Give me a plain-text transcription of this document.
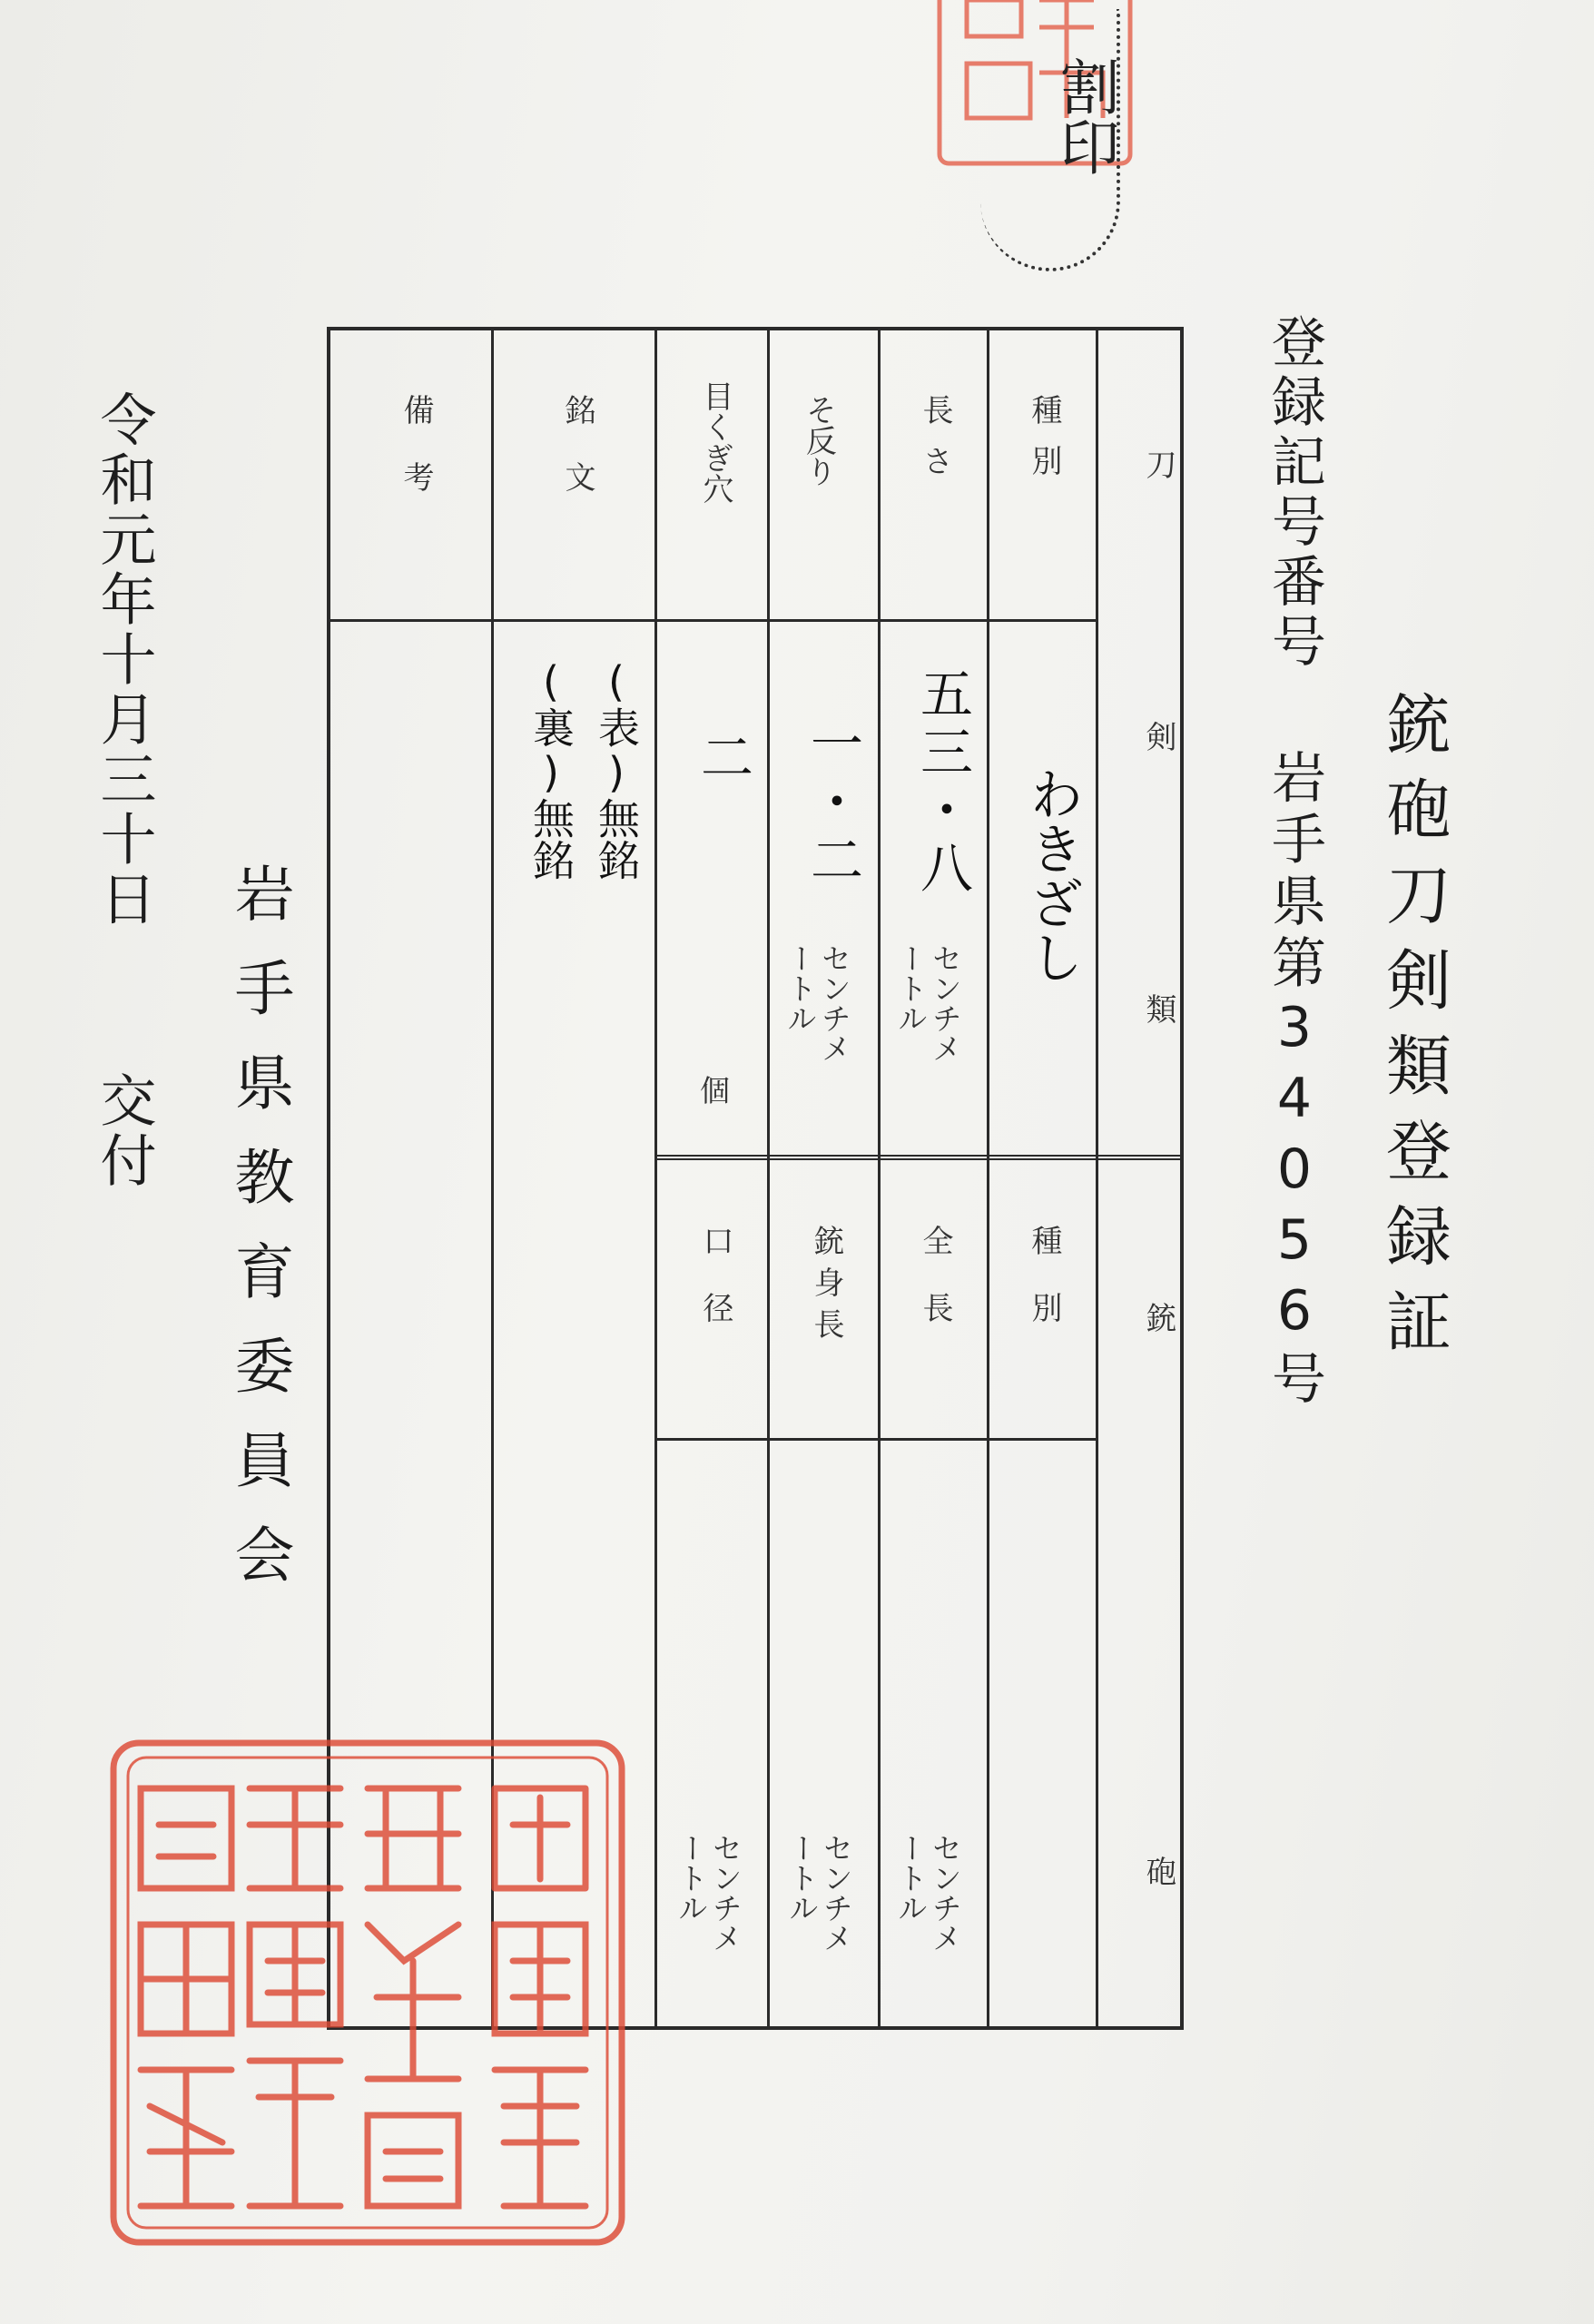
割印
銃砲刀剣類登録証
登録記号番号
岩手県第34056号
刀
剣
類
銃
砲
種別
長さ
そ反り
目くぎ穴
銘文
備考
わきざし
五三・八
センチメートル
一・二
センチメートル
二
個
(表)無銘
(裏)無銘
種別
全長
銃身長
口径
センチメートル
センチメートル
センチメートル
令和元年十月三十日
交付 岩手県教育委員会
